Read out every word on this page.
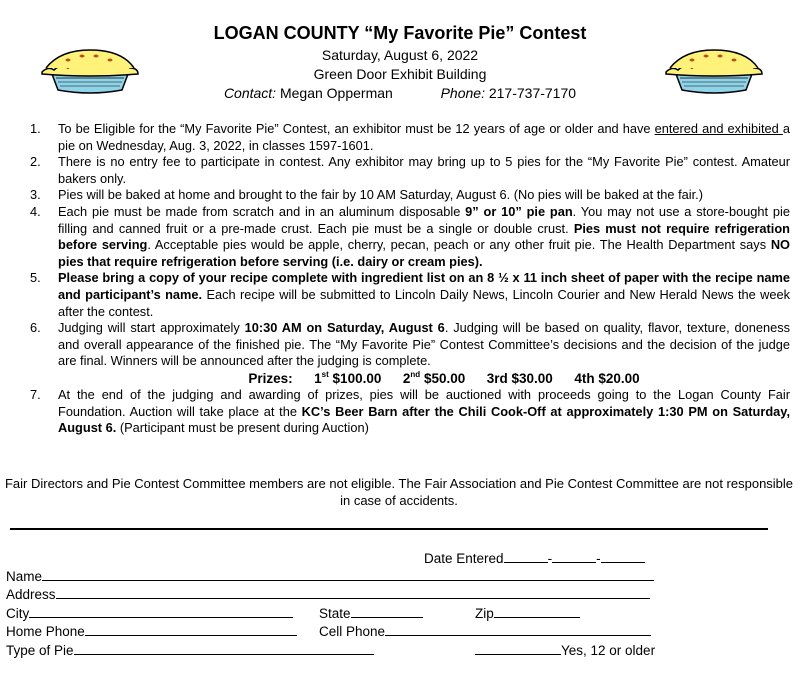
LOGAN COUNTY “My Favorite Pie” Contest
Saturday, August 6, 2022
Green Door Exhibit Building
Contact: Megan Opperman	Phone: 217-737-7170
1. To be Eligible for the “My Favorite Pie” Contest, an exhibitor must be 12 years of age or older and have entered and exhibited a pie on Wednesday, Aug. 3, 2022, in classes 1597-1601.
2. There is no entry fee to participate in contest. Any exhibitor may bring up to 5 pies for the “My Favorite Pie” contest. Amateur bakers only.
3. Pies will be baked at home and brought to the fair by 10 AM Saturday, August 6. (No pies will be baked at the fair.)
4. Each pie must be made from scratch and in an aluminum disposable 9” or 10” pie pan. You may not use a store-bought pie filling and canned fruit or a pre-made crust. Each pie must be a single or double crust. Pies must not require refrigeration before serving. Acceptable pies would be apple, cherry, pecan, peach or any other fruit pie. The Health Department says NO pies that require refrigeration before serving (i.e. dairy or cream pies).
5. Please bring a copy of your recipe complete with ingredient list on an 8 ½ x 11 inch sheet of paper with the recipe name and participant’s name. Each recipe will be submitted to Lincoln Daily News, Lincoln Courier and New Herald News the week after the contest.
6. Judging will start approximately 10:30 AM on Saturday, August 6. Judging will be based on quality, flavor, texture, doneness and overall appearance of the finished pie. The “My Favorite Pie” Contest Committee’s decisions and the decision of the judge are final. Winners will be announced after the judging is complete.
Prizes: 1st $100.00 2nd $50.00 3rd $30.00 4th $20.00
7. At the end of the judging and awarding of prizes, pies will be auctioned with proceeds going to the Logan County Fair Foundation. Auction will take place at the KC’s Beer Barn after the Chili Cook-Off at approximately 1:30 PM on Saturday, August 6. (Participant must be present during Auction)
Fair Directors and Pie Contest Committee members are not eligible. The Fair Association and Pie Contest Committee are not responsible in case of accidents.
Date Entered	-	-
Name
Address
City	State	Zip
Home Phone	Cell Phone
Type of Pie	Yes, 12 or older
